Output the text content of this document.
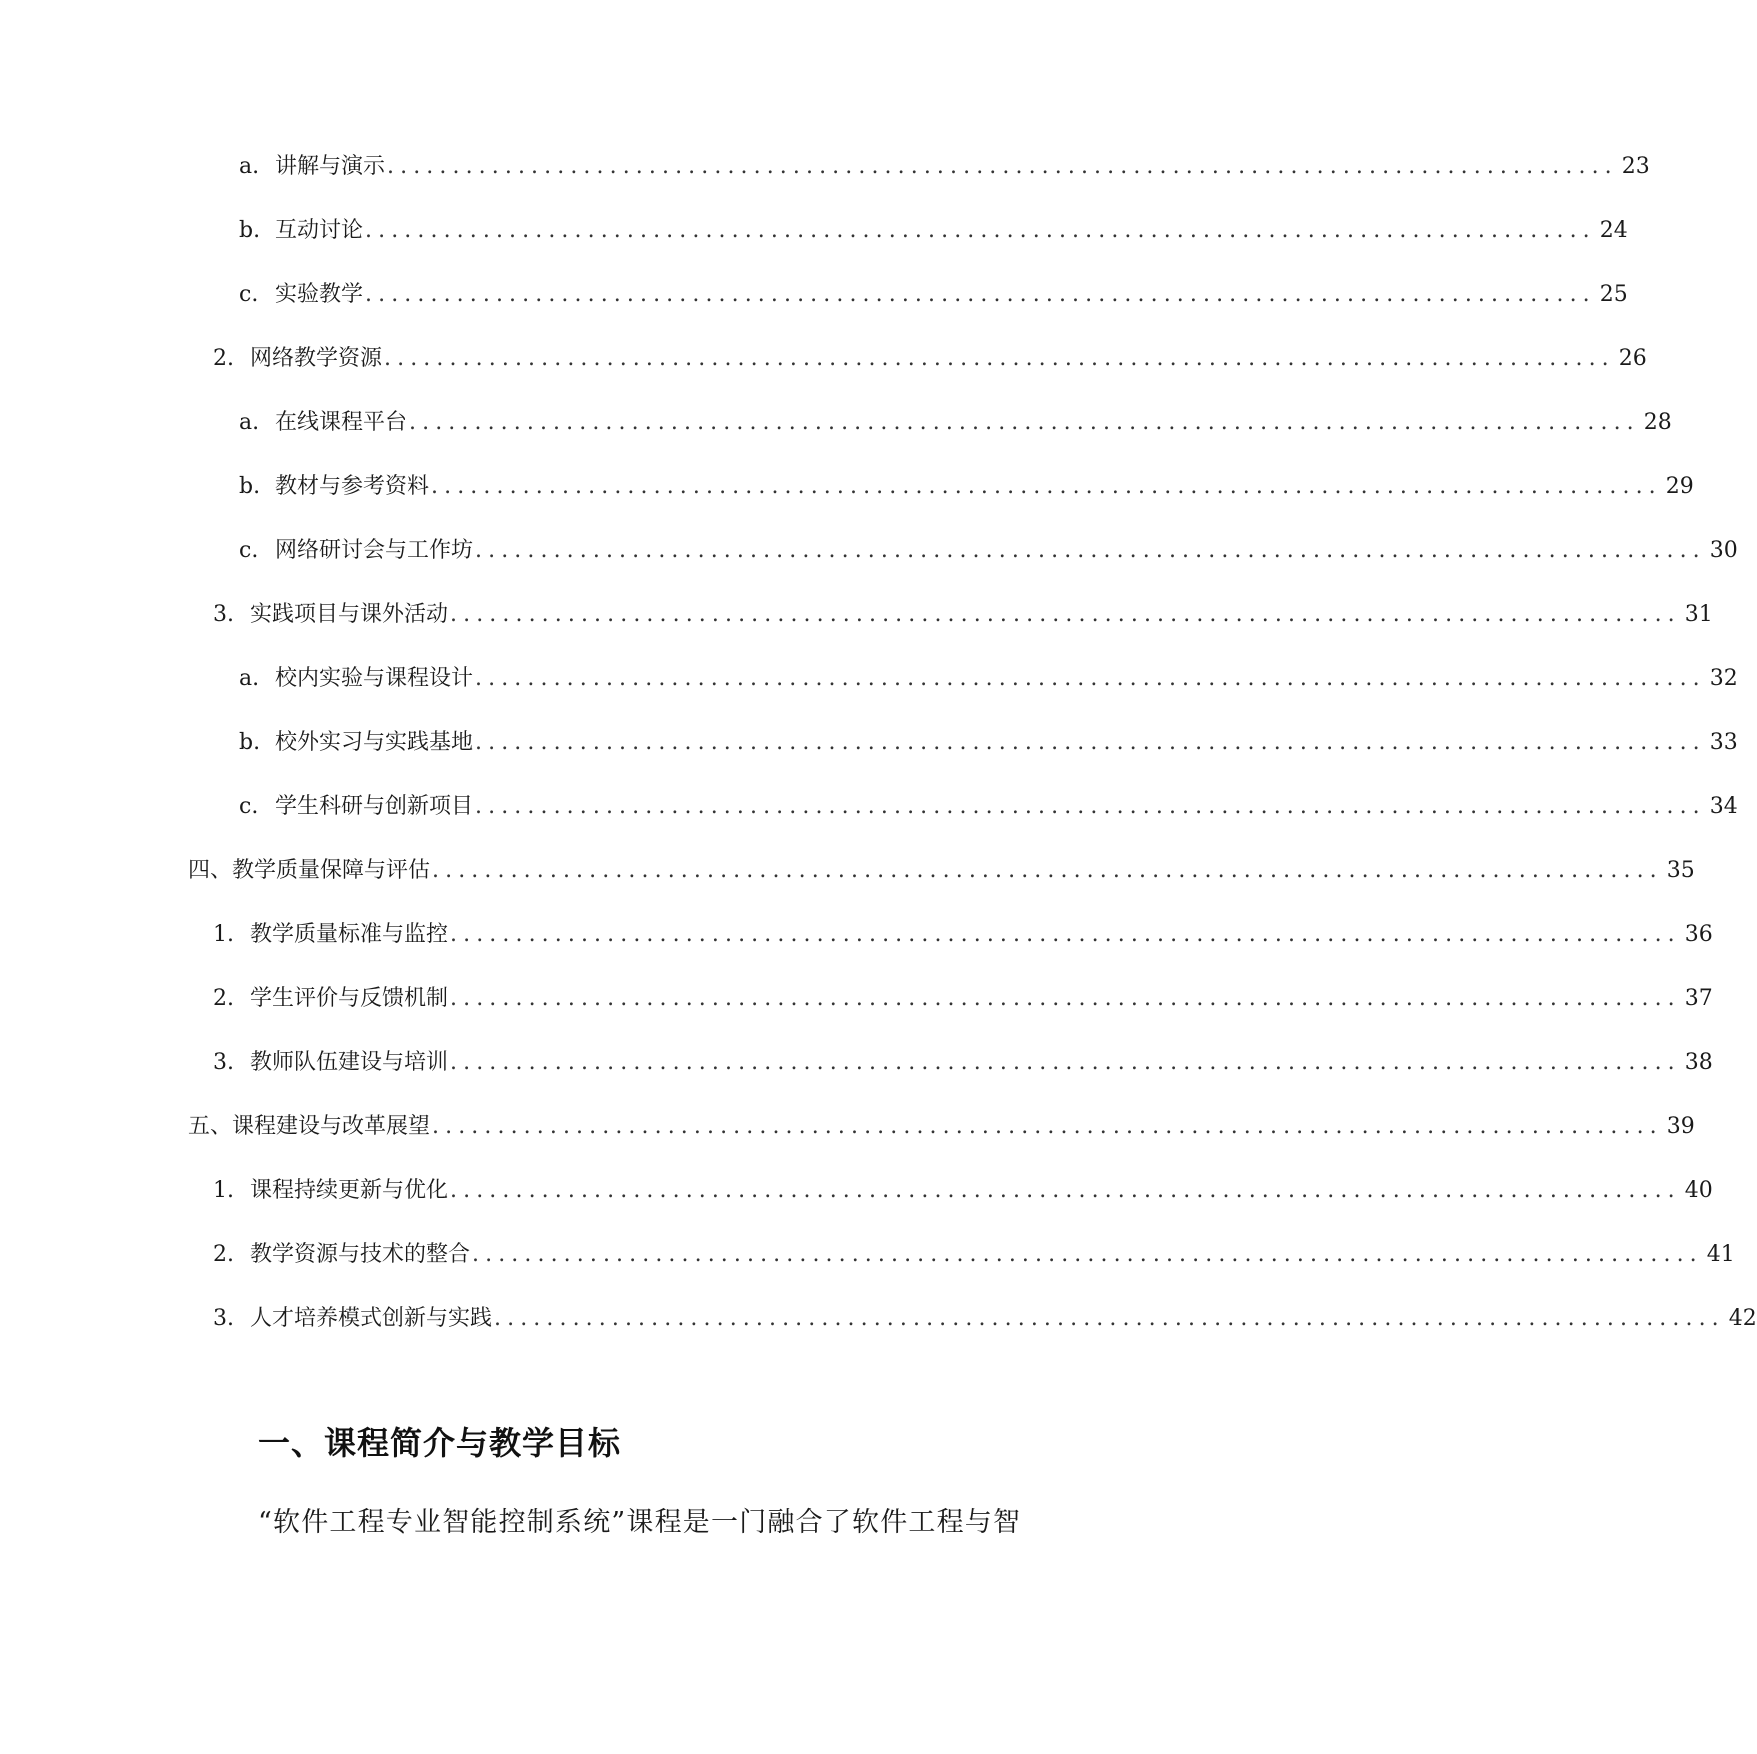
a. 讲解与演示 .............................................................................................. 23
b. 互动讨论 .............................................................................................. 24
c. 实验教学 .............................................................................................. 25
2. 网络教学资源 .............................................................................................. 26
a. 在线课程平台 .............................................................................................. 28
b. 教材与参考资料 .............................................................................................. 29
c. 网络研讨会与工作坊 .............................................................................................. 30
3. 实践项目与课外活动 .............................................................................................. 31
a. 校内实验与课程设计 .............................................................................................. 32
b. 校外实习与实践基地 .............................................................................................. 33
c. 学生科研与创新项目 .............................................................................................. 34
四、教学质量保障与评估 .............................................................................................. 35
1. 教学质量标准与监控 .............................................................................................. 36
2. 学生评价与反馈机制 .............................................................................................. 37
3. 教师队伍建设与培训 .............................................................................................. 38
五、课程建设与改革展望 .............................................................................................. 39
1. 课程持续更新与优化 .............................................................................................. 40
2. 教学资源与技术的整合 .............................................................................................. 41
3. 人才培养模式创新与实践 .............................................................................................. 42
一、课程简介与教学目标

“软件工程专业智能控制系统”课程是一门融合了软件工程与智
